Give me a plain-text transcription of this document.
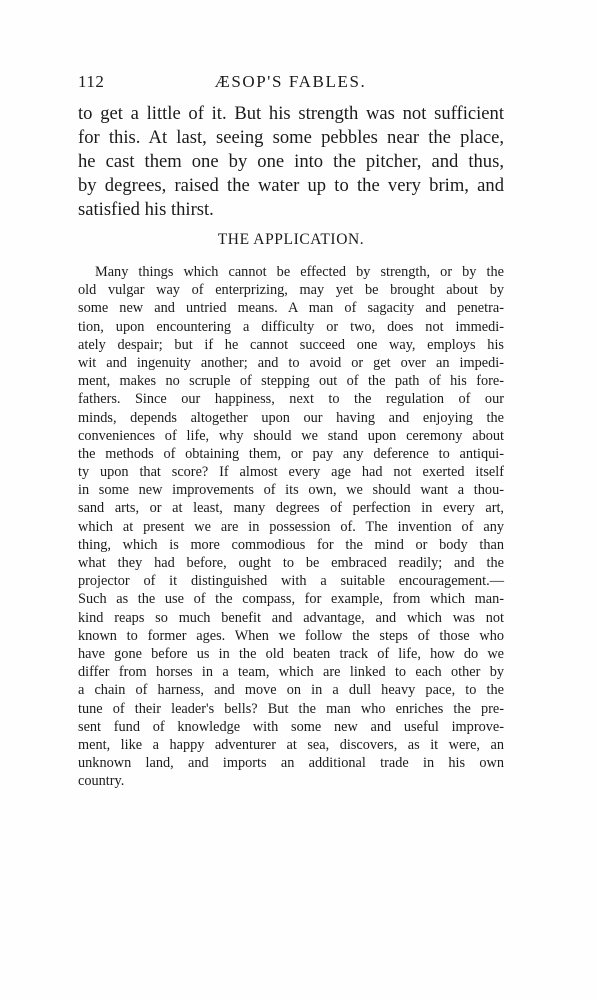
112	ÆSOP'S FABLES.
to get a little of it. But his strength was not sufficient
for this. At last, seeing some pebbles near the place,
he cast them one by one into the pitcher, and thus,
by degrees, raised the water up to the very brim, and
satisfied his thirst.
THE APPLICATION.
Many things which cannot be effected by strength, or by the
old vulgar way of enterprizing, may yet be brought about by
some new and untried means. A man of sagacity and penetra-
tion, upon encountering a difficulty or two, does not immedi-
ately despair; but if he cannot succeed one way, employs his
wit and ingenuity another; and to avoid or get over an impedi-
ment, makes no scruple of stepping out of the path of his fore-
fathers. Since our happiness, next to the regulation of our
minds, depends altogether upon our having and enjoying the
conveniences of life, why should we stand upon ceremony about
the methods of obtaining them, or pay any deference to antiqui-
ty upon that score? If almost every age had not exerted itself
in some new improvements of its own, we should want a thou-
sand arts, or at least, many degrees of perfection in every art,
which at present we are in possession of. The invention of any
thing, which is more commodious for the mind or body than
what they had before, ought to be embraced readily; and the
projector of it distinguished with a suitable encouragement.—
Such as the use of the compass, for example, from which man-
kind reaps so much benefit and advantage, and which was not
known to former ages. When we follow the steps of those who
have gone before us in the old beaten track of life, how do we
differ from horses in a team, which are linked to each other by
a chain of harness, and move on in a dull heavy pace, to the
tune of their leader's bells? But the man who enriches the pre-
sent fund of knowledge with some new and useful improve-
ment, like a happy adventurer at sea, discovers, as it were, an
unknown land, and imports an additional trade in his own
country.
